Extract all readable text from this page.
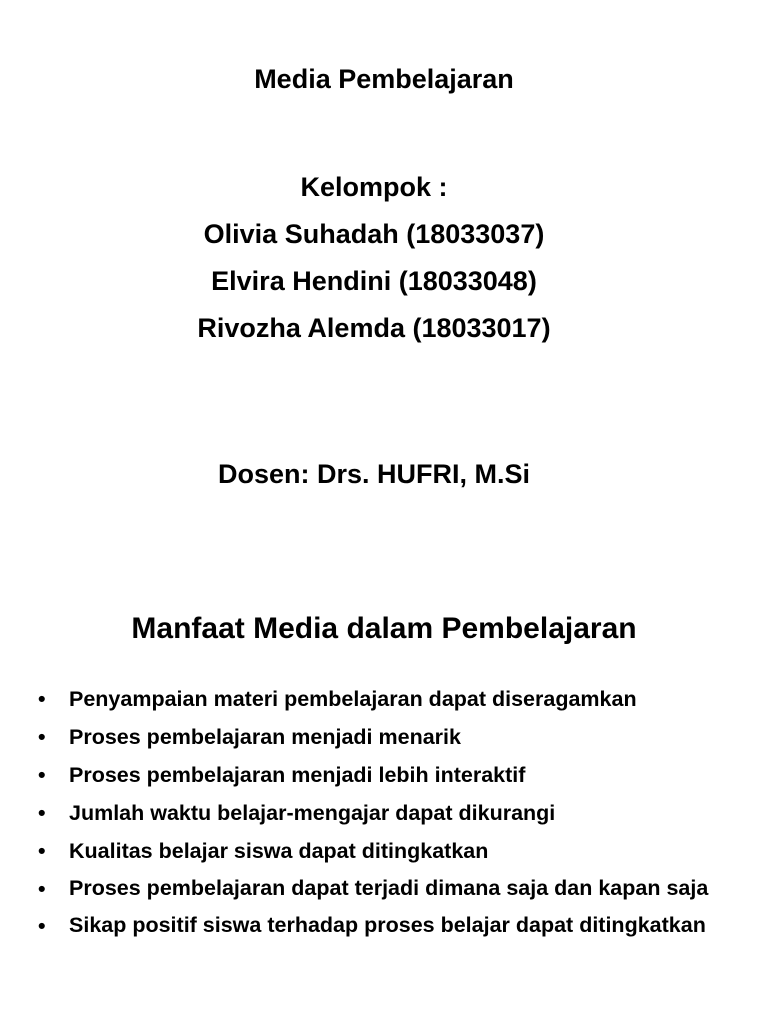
Media Pembelajaran
Kelompok :
Olivia Suhadah (18033037)
Elvira Hendini (18033048)
Rivozha Alemda (18033017)
Dosen: Drs. HUFRI, M.Si
Manfaat Media dalam Pembelajaran
•	Penyampaian materi pembelajaran dapat diseragamkan
•	Proses pembelajaran menjadi menarik
•	Proses pembelajaran menjadi lebih interaktif
•	Jumlah waktu belajar-mengajar dapat dikurangi
•	Kualitas belajar siswa dapat ditingkatkan
•	Proses pembelajaran dapat terjadi dimana saja dan kapan saja
•	Sikap positif siswa terhadap proses belajar dapat ditingkatkan
